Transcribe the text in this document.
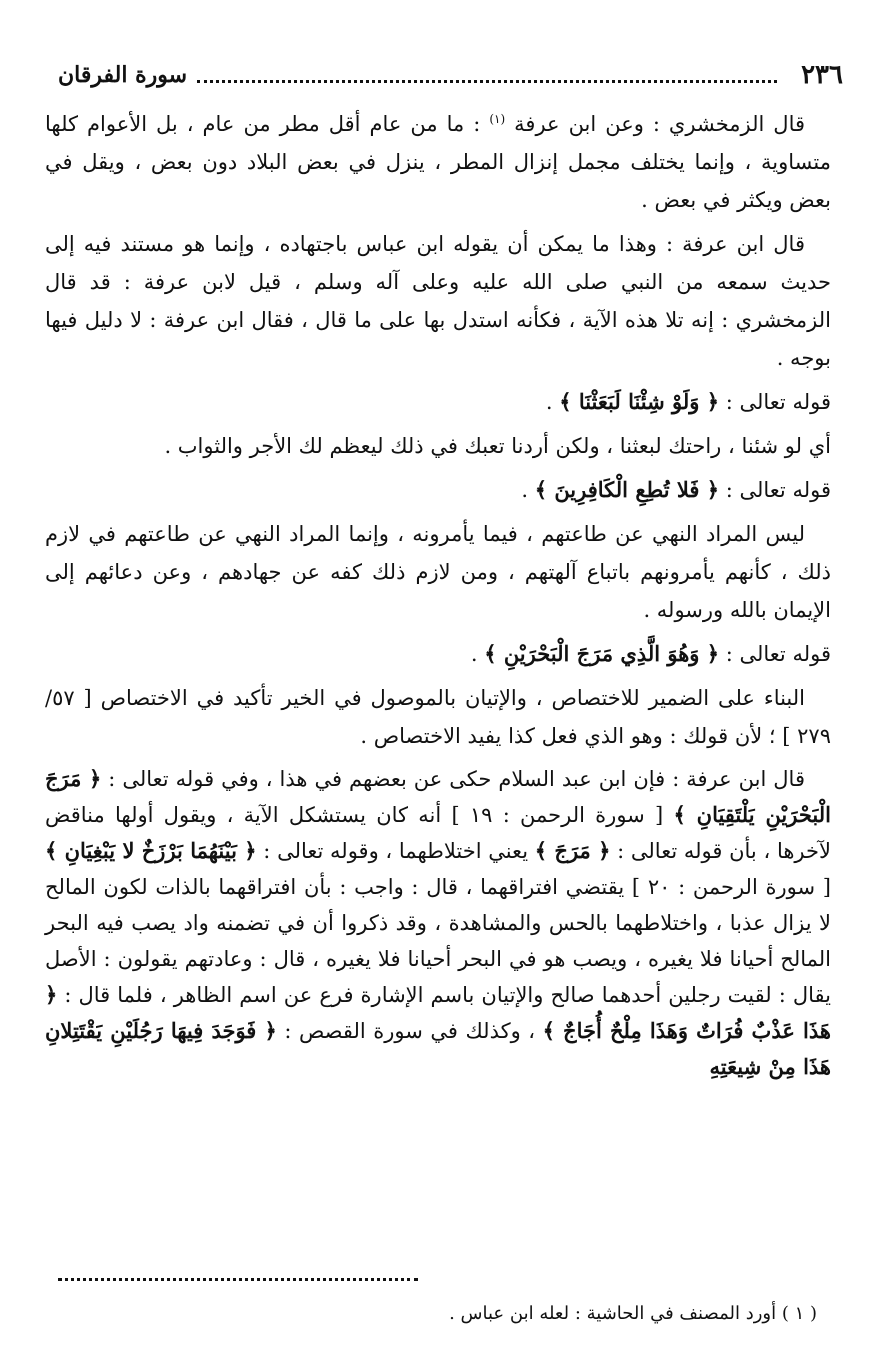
٢٣٦
سورة الفرقان

قال الزمخشري : وعن ابن عرفة $^{(١)}$ : ما من عام أقل مطر من عام ، بل الأعوام كلها متساوية ، وإنما يختلف مجمل إنزال المطر ، ينزل في بعض البلاد دون بعض ، ويقل في بعض ويكثر في بعض .

قال ابن عرفة : وهذا ما يمكن أن يقوله ابن عباس باجتهاده ، وإنما هو مستند فيه إلى حديث سمعه من النبي صلى الله عليه وعلى آله وسلم ، قيل لابن عرفة : قد قال الزمخشري : إنه تلا هذه الآية ، فكأنه استدل بها على ما قال ، فقال ابن عرفة : لا دليل فيها بوجه .

قوله تعالى : ﴿ وَلَوْ شِئْنَا لَبَعَثْنَا ﴾ .

أي لو شئنا ، راحتك لبعثنا ، ولكن أردنا تعبك في ذلك ليعظم لك الأجر والثواب .

قوله تعالى : ﴿ فَلا تُطِعِ الْكَافِرِينَ ﴾ .

ليس المراد النهي عن طاعتهم ، فيما يأمرونه ، وإنما المراد النهي عن طاعتهم في لازم ذلك ، كأنهم يأمرونهم باتباع آلهتهم ، ومن لازم ذلك كفه عن جهادهم ، وعن دعائهم إلى الإيمان بالله ورسوله .

قوله تعالى : ﴿ وَهُوَ الَّذِي مَرَجَ الْبَحْرَيْنِ ﴾ .

البناء على الضمير للاختصاص ، والإتيان بالموصول في الخير تأكيد في الاختصاص [ ٥٧/ ٢٧٩ ] ؛ لأن قولك : وهو الذي فعل كذا يفيد الاختصاص .

قال ابن عرفة : فإن ابن عبد السلام حكى عن بعضهم في هذا ، وفي قوله تعالى : ﴿ مَرَجَ الْبَحْرَيْنِ يَلْتَقِيَانِ ﴾ [ سورة الرحمن : ١٩ ] أنه كان يستشكل الآية ، ويقول أولها مناقض لآخرها ، بأن قوله تعالى : ﴿ مَرَجَ ﴾ يعني اختلاطهما ، وقوله تعالى : ﴿ بَيْنَهُمَا بَرْزَخٌ لا يَبْغِيَانِ ﴾ [ سورة الرحمن : ٢٠ ] يقتضي افتراقهما ، قال : واجب : بأن افتراقهما بالذات لكون المالح لا يزال عذبا ، واختلاطهما بالحس والمشاهدة ، وقد ذكروا أن في تضمنه واد يصب فيه البحر المالح أحيانا فلا يغيره ، ويصب هو في البحر أحيانا فلا يغيره ، قال : وعادتهم يقولون : الأصل يقال : لقيت رجلين أحدهما صالح والإتيان باسم الإشارة فرع عن اسم الظاهر ، فلما قال : ﴿ هَذَا عَذْبٌ فُرَاتٌ وَهَذَا مِلْحٌ أُجَاجٌ ﴾ ، وكذلك في سورة القصص : ﴿ فَوَجَدَ فِيهَا رَجُلَيْنِ يَقْتَتِلانِ هَذَا مِنْ شِيعَتِهِ

( ١ ) أورد المصنف في الحاشية : لعله ابن عباس .
